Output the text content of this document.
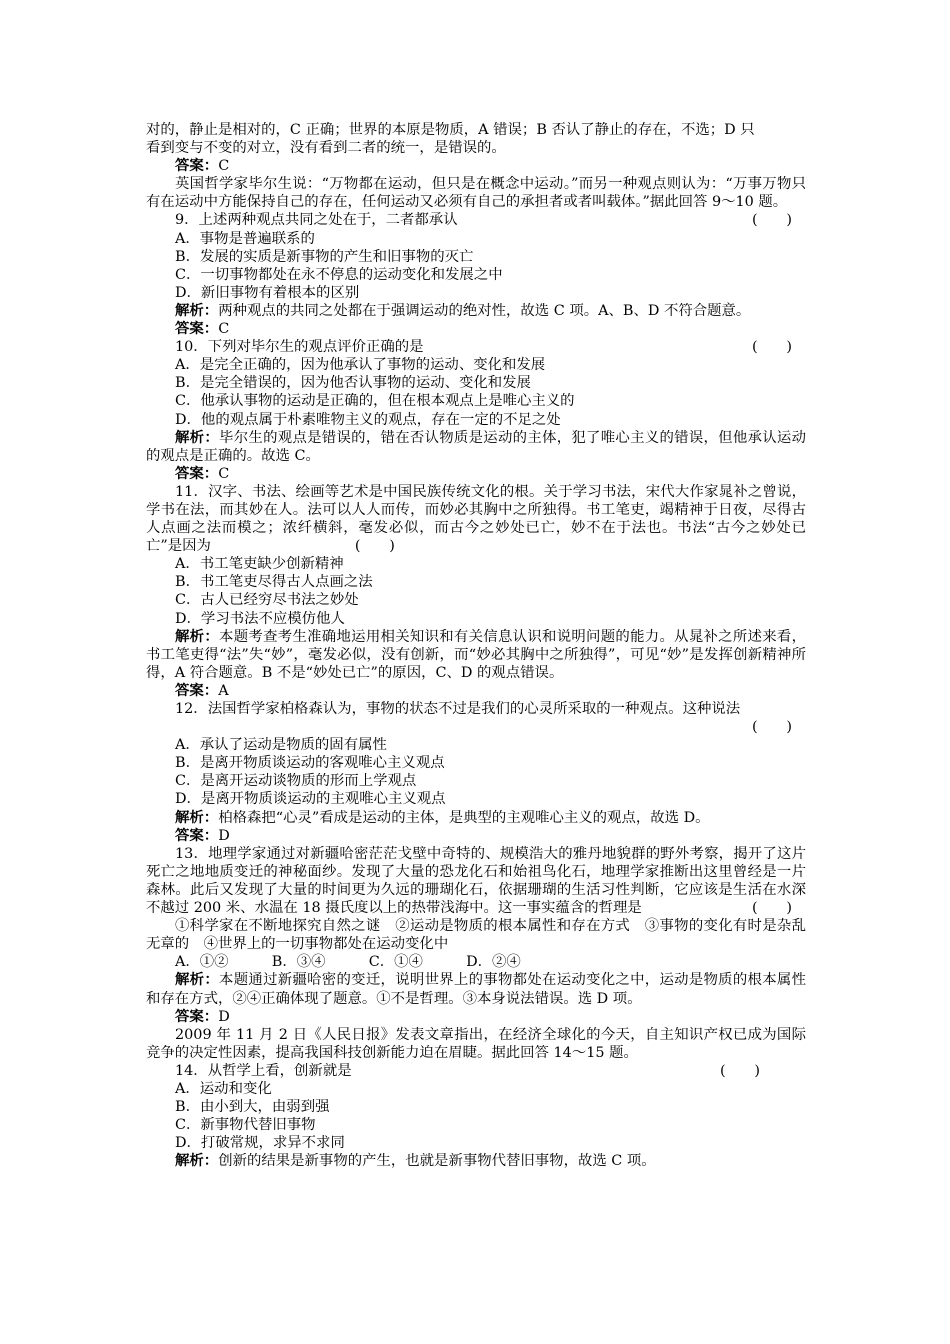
对的，静止是相对的，C 正确；世界的本原是物质，A 错误；B 否认了静止的存在，不选；D 只

看到变与不变的对立，没有看到二者的统一，是错误的。

答案：C

英国哲学家毕尔生说：“万物都在运动，但只是在概念中运动。”而另一种观点则认为：“万事万物只有在运动中方能保持自己的存在，任何运动又必须有自己的承担者或者叫载体。”据此回答 9～10 题。

(　　)
9．上述两种观点共同之处在于，二者都承认

A．事物是普遍联系的

B．发展的实质是新事物的产生和旧事物的灭亡

C．一切事物都处在永不停息的运动变化和发展之中

D．新旧事物有着根本的区别

解析：两种观点的共同之处都在于强调运动的绝对性，故选 C 项。A、B、D 不符合题意。

答案：C

(　　)
10．下列对毕尔生的观点评价正确的是

A．是完全正确的，因为他承认了事物的运动、变化和发展

B．是完全错误的，因为他否认事物的运动、变化和发展

C．他承认事物的运动是正确的，但在根本观点上是唯心主义的

D．他的观点属于朴素唯物主义的观点，存在一定的不足之处

解析：毕尔生的观点是错误的，错在否认物质是运动的主体，犯了唯心主义的错误，但他承认运动的观点是正确的。故选 C。

答案：C

11．汉字、书法、绘画等艺术是中国民族传统文化的根。关于学习书法，宋代大作家晁补之曾说，学书在法，而其妙在人。法可以人人而传，而妙必其胸中之所独得。书工笔吏，竭精神于日夜，尽得古人点画之法而模之；浓纤横斜，毫发必似，而古今之妙处已亡，妙不在于法也。书法“古今之妙处已亡”是因为　　　　　　　　　　	(　　)

A．书工笔吏缺少创新精神

B．书工笔吏尽得古人点画之法

C．古人已经穷尽书法之妙处

D．学习书法不应模仿他人

解析：本题考查考生准确地运用相关知识和有关信息认识和说明问题的能力。从晁补之所述来看，书工笔吏得“法”失“妙”，毫发必似，没有创新，而“妙必其胸中之所独得”，可见“妙”是发挥创新精神所得，A 符合题意。B 不是“妙处已亡”的原因，C、D 的观点错误。

答案：A

12．法国哲学家柏格森认为，事物的状态不过是我们的心灵所采取的一种观点。这种说法
(　　)

A．承认了运动是物质的固有属性

B．是离开物质谈运动的客观唯心主义观点

C．是离开运动谈物质的形而上学观点

D．是离开物质谈运动的主观唯心主义观点

解析：柏格森把“心灵”看成是运动的主体，是典型的主观唯心主义的观点，故选 D。

答案：D

13．地理学家通过对新疆哈密茫茫戈壁中奇特的、规模浩大的雅丹地貌群的野外考察，揭开了这片死亡之地地质变迁的神秘面纱。发现了大量的恐龙化石和始祖鸟化石，地理学家推断出这里曾经是一片森林。此后又发现了大量的时间更为久远的珊瑚化石，依据珊瑚的生活习性判断，它应该是生活在水深不越过 200 米、水温在 18 摄氏度以上的热带浅海中。这一事实蕴含的哲理是	(　　)

①科学家在不断地探究自然之谜　②运动是物质的根本属性和存在方式　③事物的变化有时是杂乱无章的　④世界上的一切事物都处在运动变化中

A．①②　　　	B．③④　　　	C．①④　　　	D．②④

解析：本题通过新疆哈密的变迁，说明世界上的事物都处在运动变化之中，运动是物质的根本属性和存在方式，②④正确体现了题意。①不是哲理。③本身说法错误。选 D 项。

答案：D

2009 年 11 月 2 日《人民日报》发表文章指出，在经济全球化的今天，自主知识产权已成为国际竞争的决定性因素，提高我国科技创新能力迫在眉睫。据此回答 14～15 题。

(　　)
14．从哲学上看，创新就是

A．运动和变化

B．由小到大，由弱到强

C．新事物代替旧事物

D．打破常规，求异不求同

解析：创新的结果是新事物的产生，也就是新事物代替旧事物，故选 C 项。
